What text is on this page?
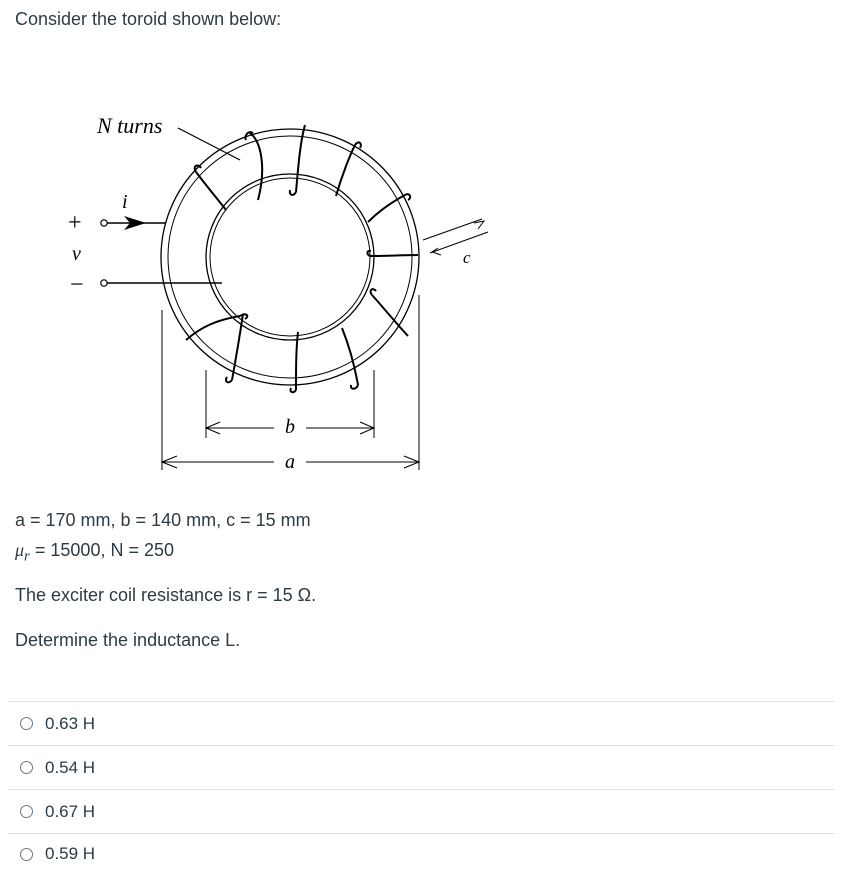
Consider the toroid shown below:
N turns
i
+
v
−
b
a
c
a = 170 mm, b = 140 mm, c = 15 mm
$\mu_r = 15000$, N = 250
The exciter coil resistance is r = 15 Ω.
Determine the inductance L.
0.63 H
0.54 H
0.67 H
0.59 H
